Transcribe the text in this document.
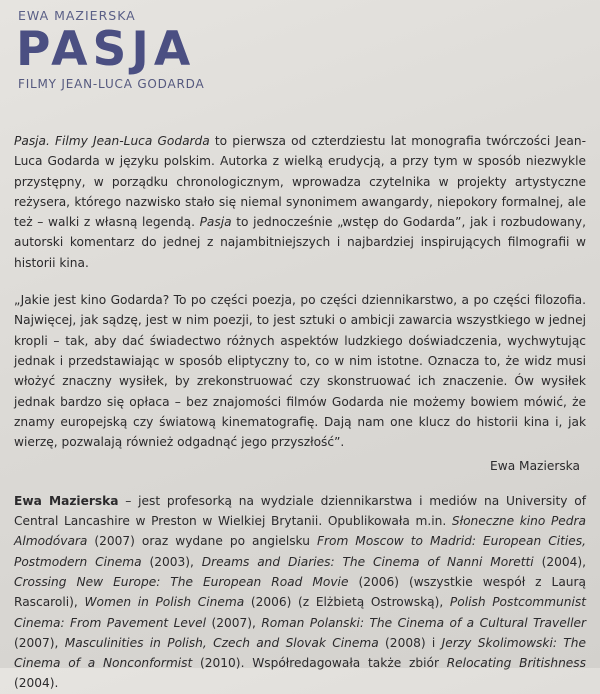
EWA MAZIERSKA

PASJA

FILMY JEAN-LUCA GODARDA

Pasja. Filmy Jean-Luca Godarda to pierwsza od czterdziestu lat monografia twórczości Jean-Luca Godarda w języku polskim. Autorka z wielką erudycją, a przy tym w sposób niezwykle przystępny, w porządku chronologicznym, wprowadza czytelnika w projekty artystyczne reżysera, którego nazwisko stało się niemal synonimem awangardy, niepokory formalnej, ale też – walki z własną legendą. Pasja to jednocześnie „wstęp do Godarda”, jak i rozbudowany, autorski komentarz do jednej z najambitniejszych i najbardziej inspirujących filmografii w historii kina.

„Jakie jest kino Godarda? To po części poezja, po części dziennikarstwo, a po części filozofia. Najwięcej, jak sądzę, jest w nim poezji, to jest sztuki o ambicji zawarcia wszystkiego w jednej kropli – tak, aby dać świadectwo różnych aspektów ludzkiego doświadczenia, wychwytując jednak i przedstawiając w sposób eliptyczny to, co w nim istotne. Oznacza to, że widz musi włożyć znaczny wysiłek, by zrekonstruować czy skonstruować ich znaczenie. Ów wysiłek jednak bardzo się opłaca – bez znajomości filmów Godarda nie możemy bowiem mówić, że znamy europejską czy światową kinematografię. Dają nam one klucz do historii kina i, jak wierzę, pozwalają również odgadnąć jego przyszłość”.

Ewa Mazierska

Ewa Mazierska – jest profesorką na wydziale dziennikarstwa i mediów na University of Central Lancashire w Preston w Wielkiej Brytanii. Opublikowała m.in. Słoneczne kino Pedra Almodóvara (2007) oraz wydane po angielsku From Moscow to Madrid: European Cities, Postmodern Cinema (2003), Dreams and Diaries: The Cinema of Nanni Moretti (2004), Crossing New Europe: The European Road Movie (2006) (wszystkie wespół z Laurą Rascaroli), Women in Polish Cinema (2006) (z Elżbietą Ostrowską), Polish Postcommunist Cinema: From Pavement Level (2007), Roman Polanski: The Cinema of a Cultural Traveller (2007), Masculinities in Polish, Czech and Slovak Cinema (2008) i Jerzy Skolimowski: The Cinema of a Nonconformist (2010). Współredagowała także zbiór Relocating Britishness (2004).
